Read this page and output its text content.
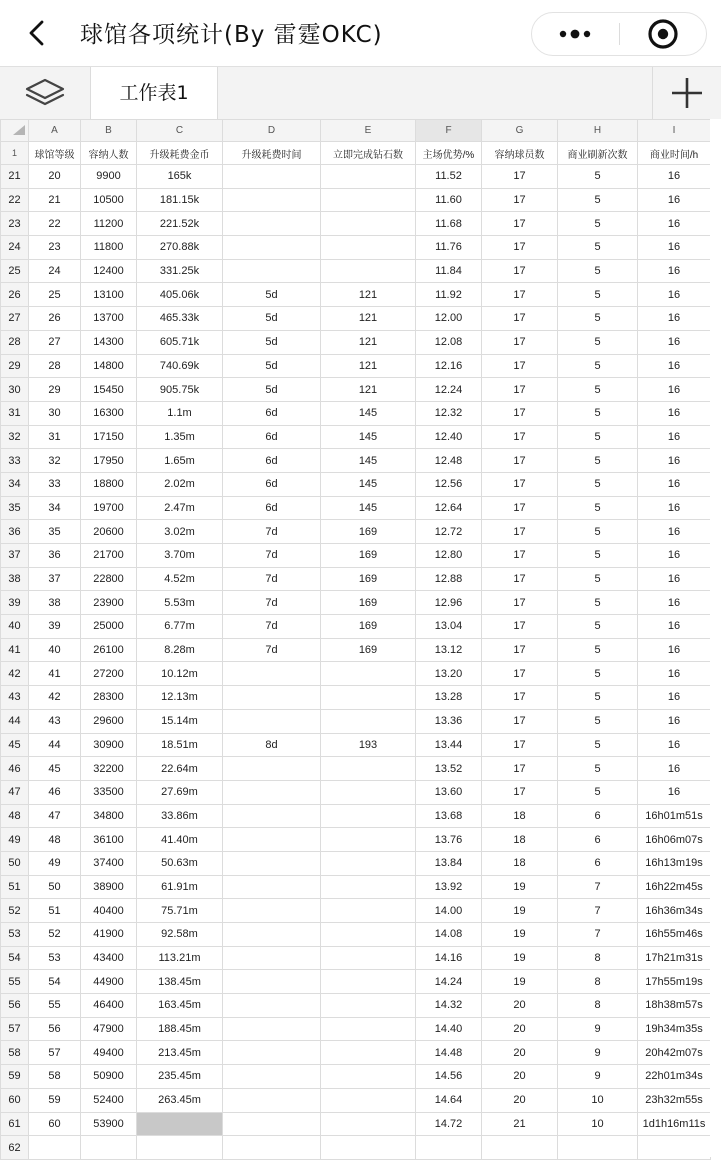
球馆各项统计(By 雷霆OKC)
工作表1
	A	B	C	D	E	F	G	H	I
1	球馆等级	容纳人数	升级耗费金币	升级耗费时间	立即完成钻石数	主场优势/%	容纳球员数	商业刷新次数	商业时间/h
21	20	9900	165k			11.52	17	5	16
22	21	10500	181.15k			11.60	17	5	16
23	22	11200	221.52k			11.68	17	5	16
24	23	11800	270.88k			11.76	17	5	16
25	24	12400	331.25k			11.84	17	5	16
26	25	13100	405.06k	5d	121	11.92	17	5	16
27	26	13700	465.33k	5d	121	12.00	17	5	16
28	27	14300	605.71k	5d	121	12.08	17	5	16
29	28	14800	740.69k	5d	121	12.16	17	5	16
30	29	15450	905.75k	5d	121	12.24	17	5	16
31	30	16300	1.1m	6d	145	12.32	17	5	16
32	31	17150	1.35m	6d	145	12.40	17	5	16
33	32	17950	1.65m	6d	145	12.48	17	5	16
34	33	18800	2.02m	6d	145	12.56	17	5	16
35	34	19700	2.47m	6d	145	12.64	17	5	16
36	35	20600	3.02m	7d	169	12.72	17	5	16
37	36	21700	3.70m	7d	169	12.80	17	5	16
38	37	22800	4.52m	7d	169	12.88	17	5	16
39	38	23900	5.53m	7d	169	12.96	17	5	16
40	39	25000	6.77m	7d	169	13.04	17	5	16
41	40	26100	8.28m	7d	169	13.12	17	5	16
42	41	27200	10.12m			13.20	17	5	16
43	42	28300	12.13m			13.28	17	5	16
44	43	29600	15.14m			13.36	17	5	16
45	44	30900	18.51m	8d	193	13.44	17	5	16
46	45	32200	22.64m			13.52	17	5	16
47	46	33500	27.69m			13.60	17	5	16
48	47	34800	33.86m			13.68	18	6	16h01m51s
49	48	36100	41.40m			13.76	18	6	16h06m07s
50	49	37400	50.63m			13.84	18	6	16h13m19s
51	50	38900	61.91m			13.92	19	7	16h22m45s
52	51	40400	75.71m			14.00	19	7	16h36m34s
53	52	41900	92.58m			14.08	19	7	16h55m46s
54	53	43400	113.21m			14.16	19	8	17h21m31s
55	54	44900	138.45m			14.24	19	8	17h55m19s
56	55	46400	163.45m			14.32	20	8	18h38m57s
57	56	47900	188.45m			14.40	20	9	19h34m35s
58	57	49400	213.45m			14.48	20	9	20h42m07s
59	58	50900	235.45m			14.56	20	9	22h01m34s
60	59	52400	263.45m			14.64	20	10	23h32m55s
61	60	53900				14.72	21	10	1d1h16m11s
62									
